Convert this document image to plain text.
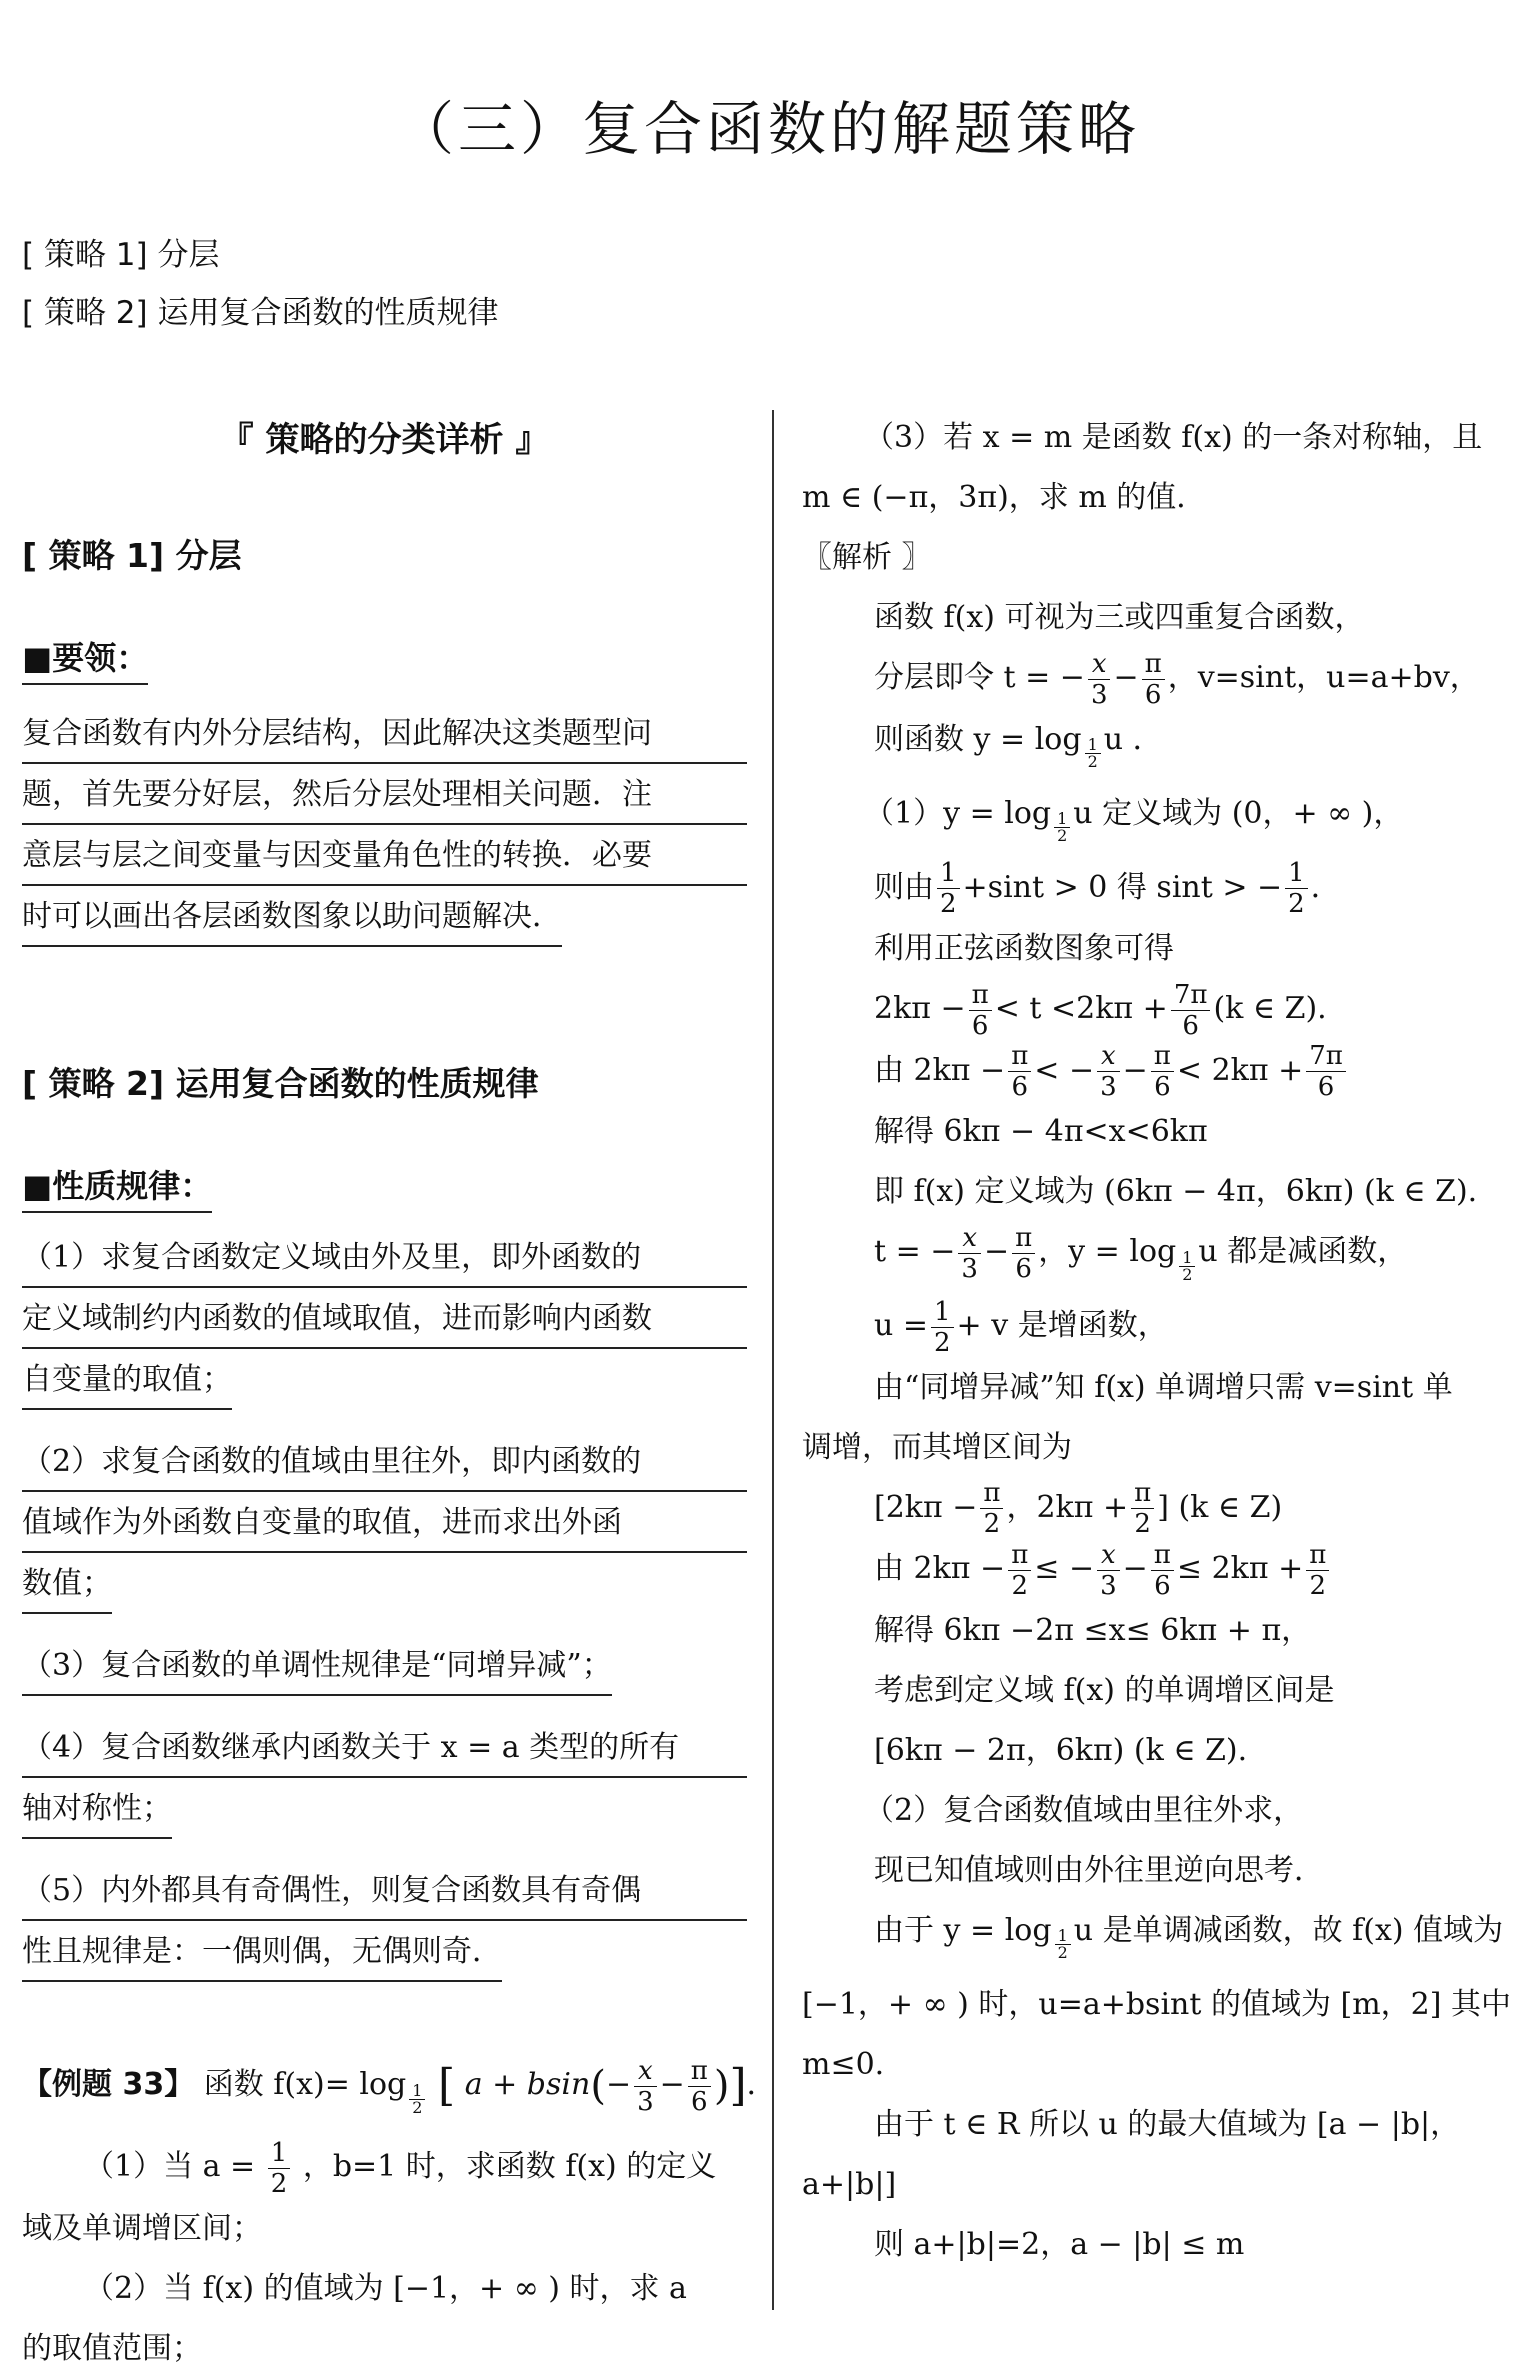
（三）复合函数的解题策略
[ 策略 1] 分层
[ 策略 2] 运用复合函数的性质规律
『 策略的分类详析 』
[ 策略 1] 分层
■要领：
复合函数有内外分层结构，因此解决这类题型问
题，首先要分好层，然后分层处理相关问题．注
意层与层之间变量与因变量角色性的转换．必要
时可以画出各层函数图象以助问题解决．
[ 策略 2] 运用复合函数的性质规律
■性质规律：
（1）求复合函数定义域由外及里，即外函数的
定义域制约内函数的值域取值，进而影响内函数
自变量的取值；

（2）求复合函数的值域由里往外，即内函数的
值域作为外函数自变量的取值，进而求出外函
数值；
（3）复合函数的单调性规律是“同增异减”；

（4）复合函数继承内函数关于 x = a 类型的所有
轴对称性；

（5）内外都具有奇偶性，则复合函数具有奇偶
性且规律是：一偶则偶，无偶则奇．
【例题 33】 函数 f(x)= log $_{\frac{1}{2}}$ [ $a + bsin(- \frac{x}{3} - \frac{\pi}{6}$ )]．
（1）当 $a = \frac{1}{2}$ ，b=1 时，求函数 f(x) 的定义
域及单调增区间；
（2）当 f(x) 的值域为 [−1，+ ∞ ) 时，求 a
的取值范围；
（3）若 x = m 是函数 f(x) 的一条对称轴，且
m ∈ (−π，3π)，求 m 的值．
〖解析 〗
函数 f(x) 可视为三或四重复合函数，
分层即令 t = − $\frac{x}{3} - \frac{\pi}{6}$ ，v=sint，u=a+bv，
则函数 y = log $_{\frac{1}{2}}$ u ．
（1）y = log $_{\frac{1}{2}}$ u 定义域为 (0，+ ∞ )，
则由 $\frac{1}{2} +\sin t > 0$ 得 sint > − $\frac{1}{2}$ ．
利用正弦函数图象可得
$2k\pi - \frac{\pi}{6} < t <2k\pi + \frac{7\pi}{6} (k$ ∈ Z).
由 $2k\pi - \frac{\pi}{6}$ < − $\frac{x}{3} - \frac{\pi}{6} < 2k\pi + \frac{7\pi}{6}$
解得 6kπ − 4π<x<6kπ
即 f(x) 定义域为 (6kπ − 4π，6kπ) (k ∈ Z).
t = − $\frac{x}{3} - \frac{\pi}{6}$ ，y = log $_{\frac{1}{2}}$ u 都是减函数，
$u = \frac{1}{2} + v$ 是增函数，
由“同增异减”知 f(x) 单调增只需 v=sint 单
调增，而其增区间为
[$2k\pi - \frac{\pi}{2}$ ，$2k\pi + \frac{\pi}{2}$ ] (k ∈ Z)
由 $2k\pi - \frac{\pi}{2}$ ≤ − $\frac{x}{3} - \frac{\pi}{6} \le 2k\pi + \frac{\pi}{2}$
解得 6kπ −2π ≤x≤ 6kπ + π，
考虑到定义域 f(x) 的单调增区间是
[6kπ − 2π，6kπ) (k ∈ Z).
（2）复合函数值域由里往外求，
现已知值域则由外往里逆向思考．
由于 y = log $_{\frac{1}{2}}$ u 是单调减函数，故 f(x) 值域为
[−1，+ ∞ ) 时，u=a+bsint 的值域为 [m，2] 其中
m≤0.
由于 t ∈ R 所以 u 的最大值域为 [a − |b|，
a+|b|]
则 a+|b|=2，a − |b| ≤ m
